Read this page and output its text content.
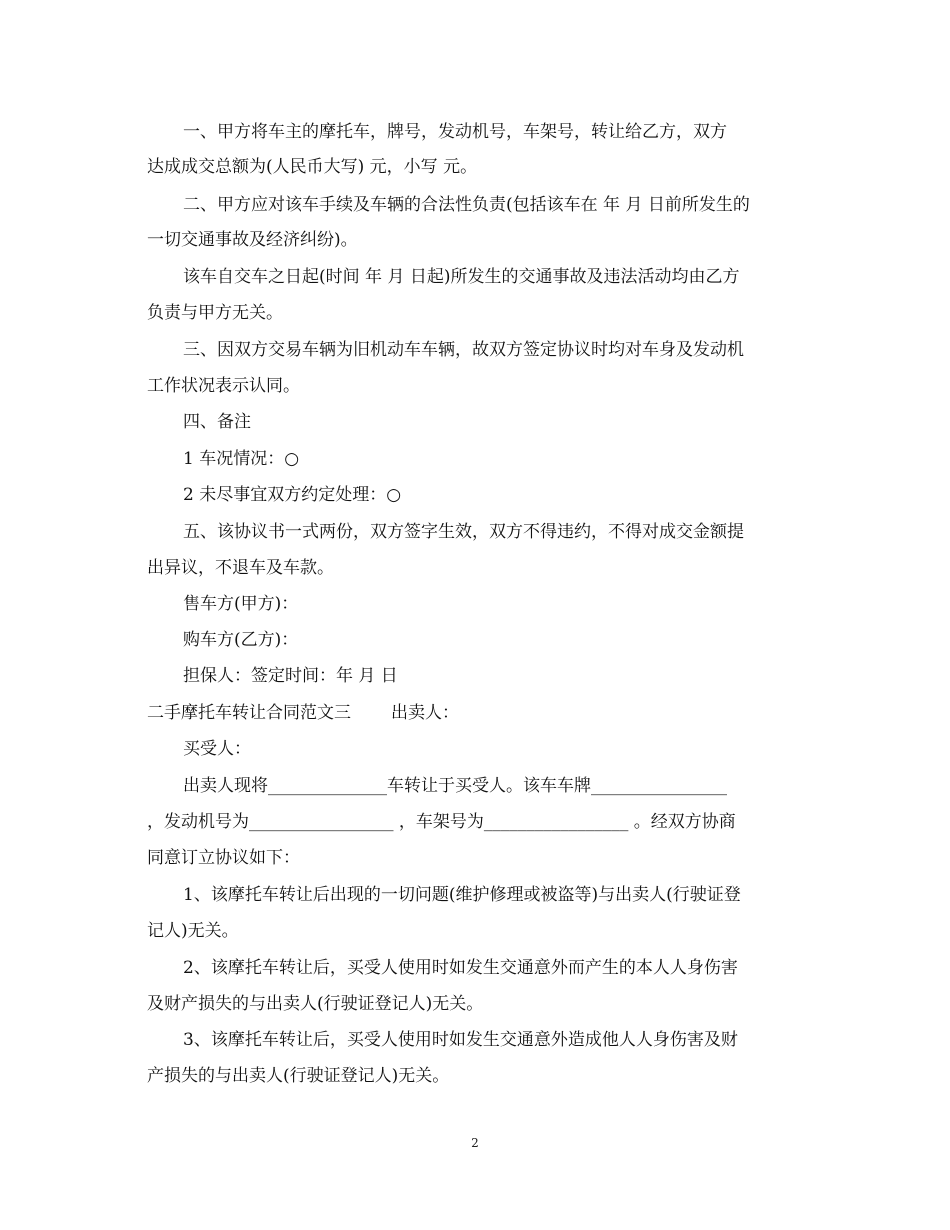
一、甲方将车主的摩托车，牌号，发动机号，车架号，转让给乙方，双方
达成成交总额为(人民币大写) 元，小写 元。
二、甲方应对该车手续及车辆的合法性负责(包括该车在 年 月 日前所发生的
一切交通事故及经济纠纷)。
该车自交车之日起(时间 年 月 日起)所发生的交通事故及违法活动均由乙方
负责与甲方无关。
三、因双方交易车辆为旧机动车车辆，故双方签定协议时均对车身及发动机
工作状况表示认同。
四、备注
1 车况情况：○
2 未尽事宜双方约定处理：○
五、该协议书一式两份，双方签字生效，双方不得违约，不得对成交金额提
出异议，不退车及车款。
售车方(甲方)：
购车方(乙方)：
担保人：签定时间：年 月 日
二手摩托车转让合同范文三 出卖人：
买受人：
出卖人现将______________车转让于买受人。该车车牌________________
，发动机号为_________________ ，车架号为_________________ 。经双方协商
同意订立协议如下：
1、该摩托车转让后出现的一切问题(维护修理或被盗等)与出卖人(行驶证登
记人)无关。
2、该摩托车转让后，买受人使用时如发生交通意外而产生的本人人身伤害
及财产损失的与出卖人(行驶证登记人)无关。
3、该摩托车转让后，买受人使用时如发生交通意外造成他人人身伤害及财
产损失的与出卖人(行驶证登记人)无关。
2
